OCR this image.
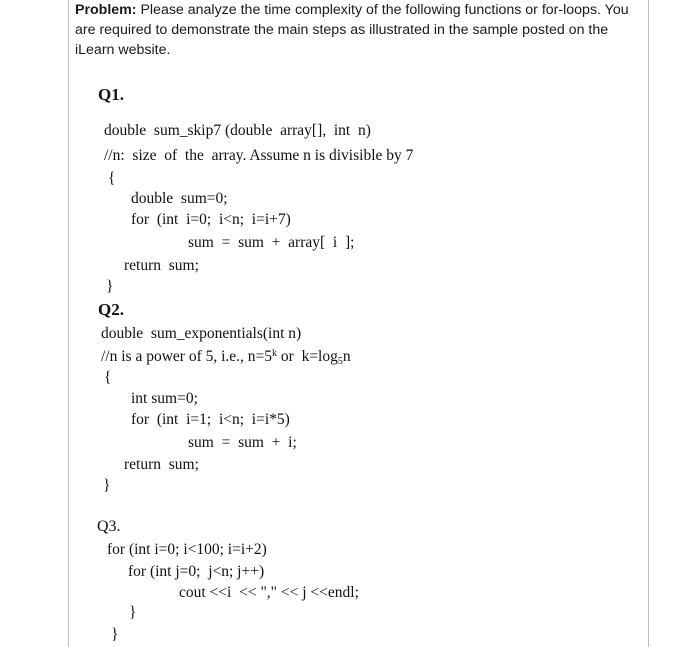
Problem: Please analyze the time complexity of the following functions or for-loops. You are required to demonstrate the main steps as illustrated in the sample posted on the iLearn website.
Q1.
double  sum_skip7 (double  array[],  int  n)
//n:  size  of  the  array. Assume n is divisible by 7
{
double  sum=0;
for  (int  i=0;  i<n;  i=i+7)
sum  =  sum  +  array[  i  ];
return  sum;
}
Q2.
double  sum_exponentials(int n)
//n is a power of 5, i.e., $n=5^k$ or  $k=\log_5n$
{
int sum=0;
for  (int  i=1;  i<n;  i=i*5)
sum  =  sum  +  i;
return  sum;
}
Q3.
for (int i=0; i<100; i=i+2)
for (int j=0;  j<n; j++)
cout <<i  << "," << j <<endl;
}
}
